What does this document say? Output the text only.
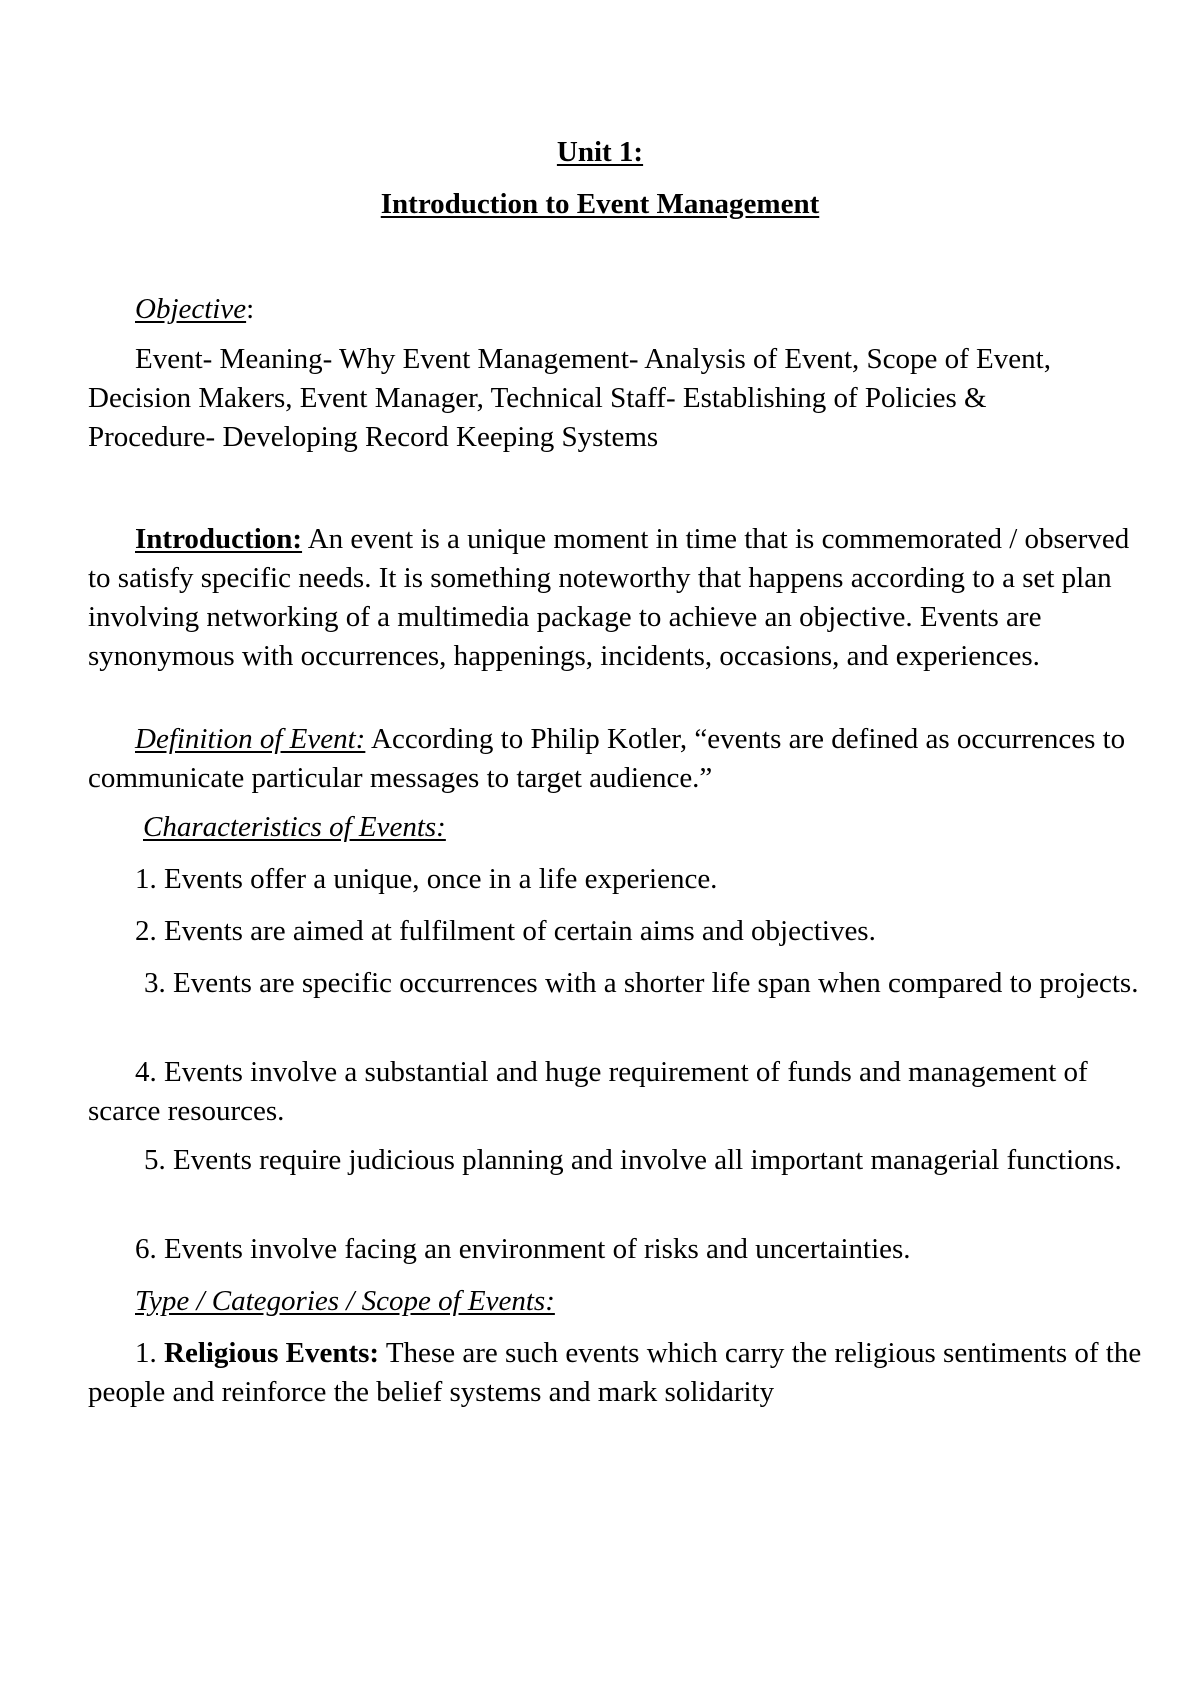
Unit 1:
Introduction to Event Management
Objective:
Event- Meaning- Why Event Management- Analysis of Event, Scope of Event, Decision Makers, Event Manager, Technical Staff- Establishing of Policies & Procedure- Developing Record Keeping Systems
Introduction: An event is a unique moment in time that is commemorated / observed to satisfy specific needs. It is something noteworthy that happens according to a set plan involving networking of a multimedia package to achieve an objective. Events are synonymous with occurrences, happenings, incidents, occasions, and experiences.
Definition of Event: According to Philip Kotler, “events are defined as occurrences to communicate particular messages to target audience.”
Characteristics of Events:
1. Events offer a unique, once in a life experience.
2. Events are aimed at fulfilment of certain aims and objectives.
3. Events are specific occurrences with a shorter life span when compared to projects.
4. Events involve a substantial and huge requirement of funds and management of scarce resources.
5. Events require judicious planning and involve all important managerial functions.
6. Events involve facing an environment of risks and uncertainties.
Type / Categories / Scope of Events:
1. Religious Events: These are such events which carry the religious sentiments of the people and reinforce the belief systems and mark solidarity
